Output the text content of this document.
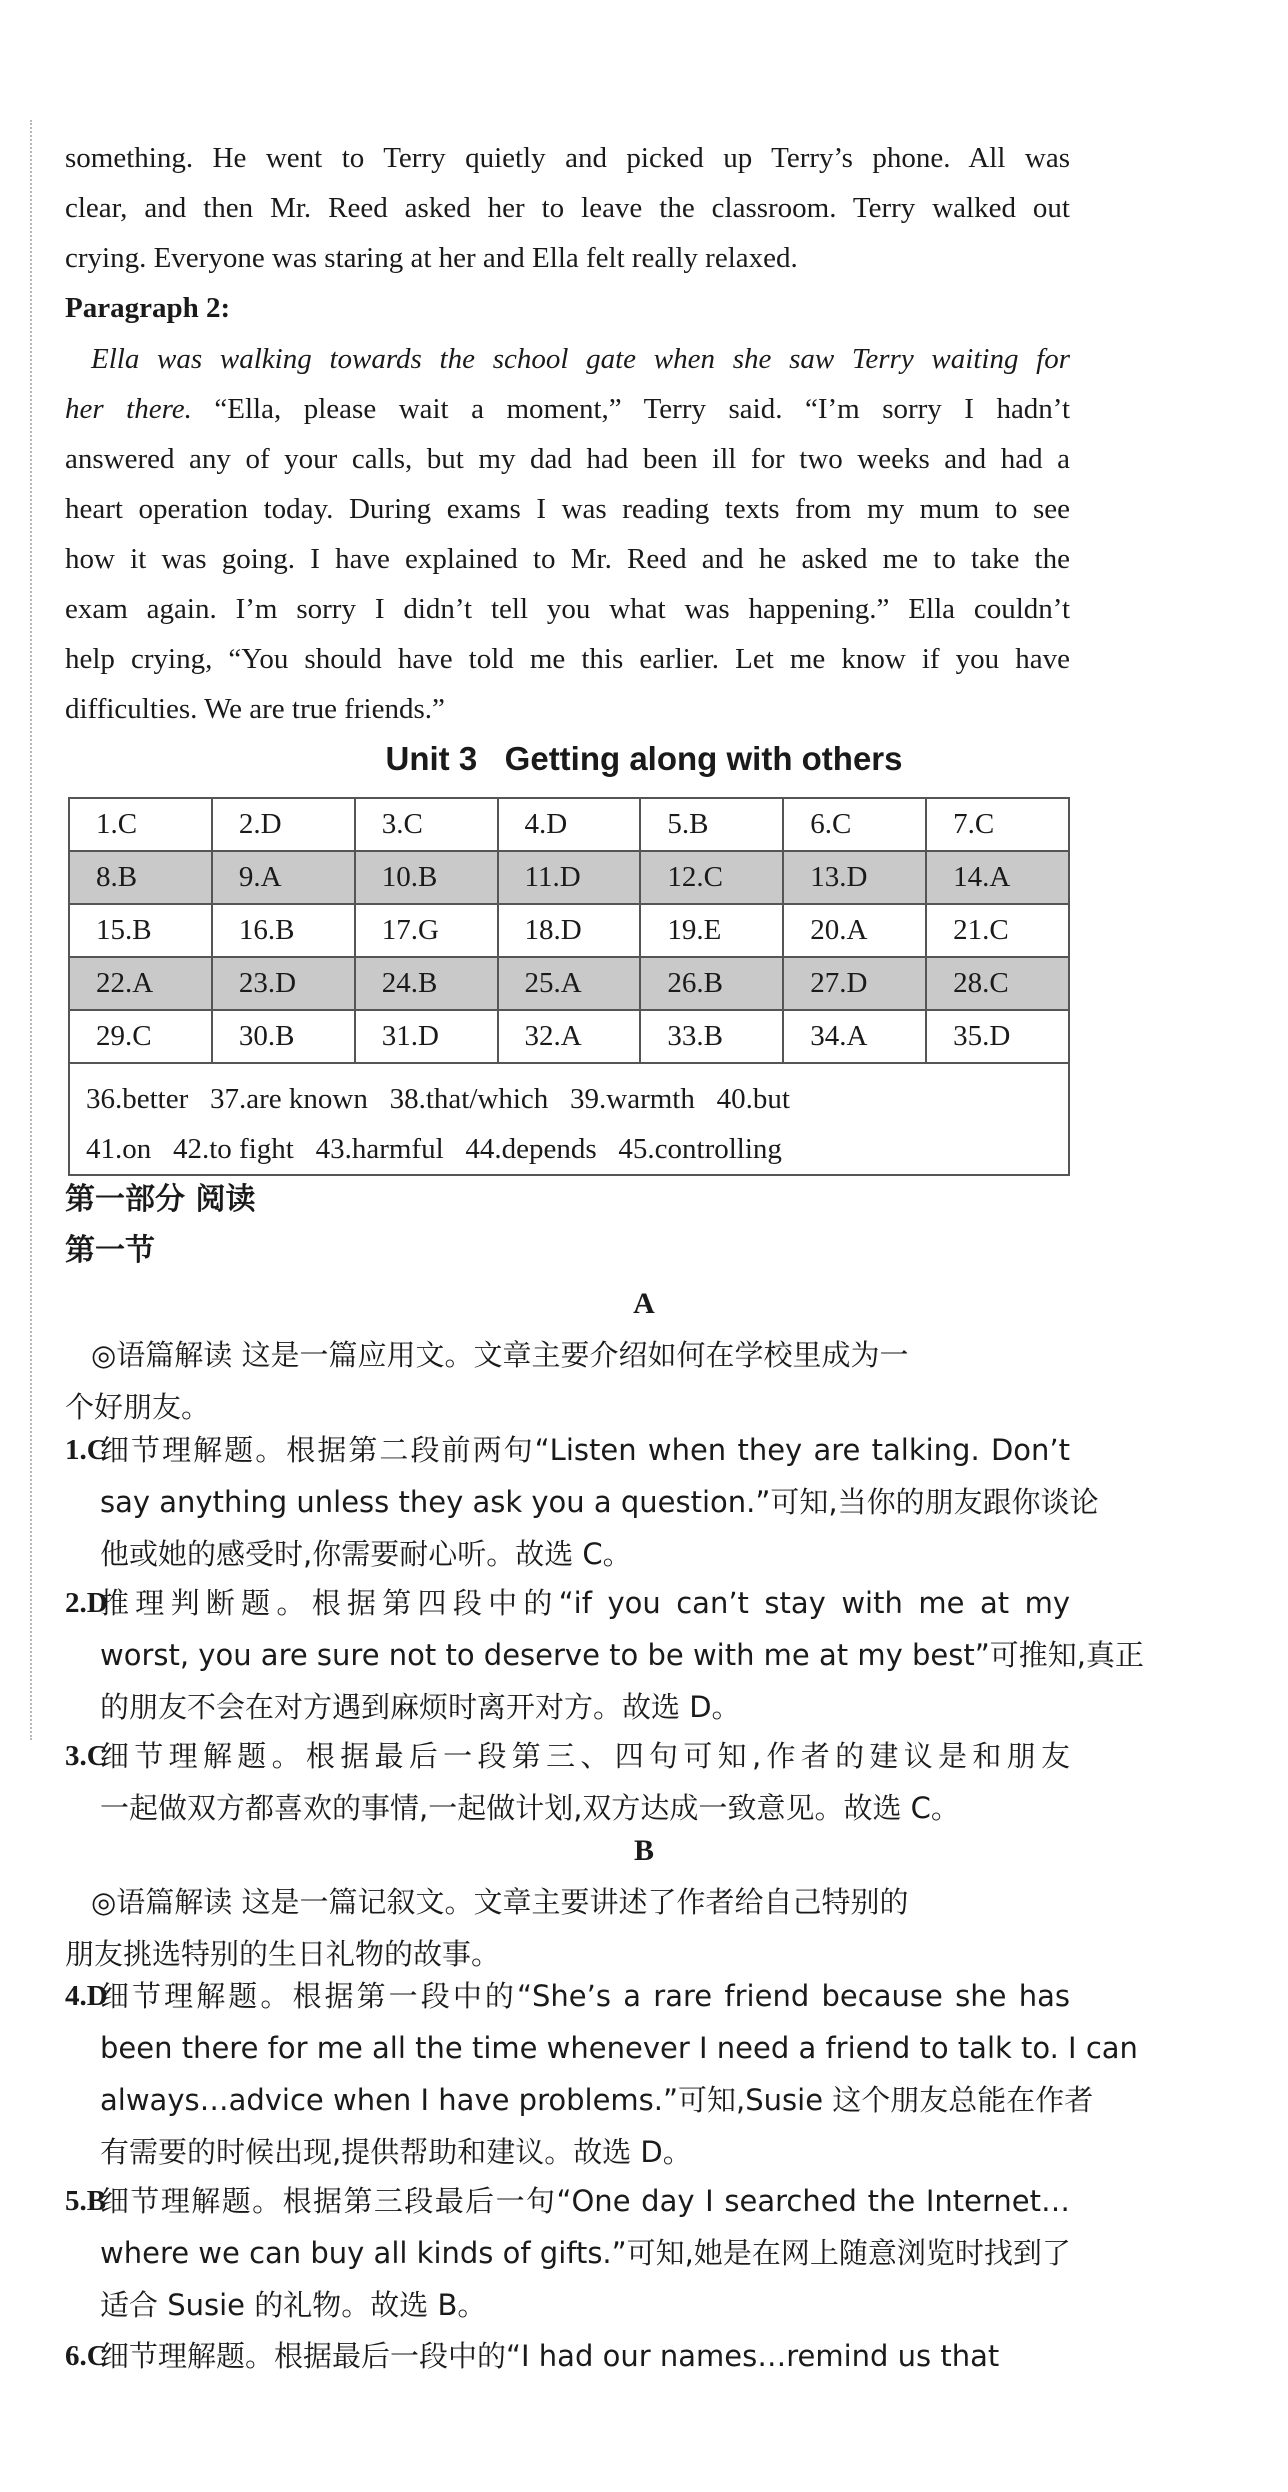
something. He went to Terry quietly and picked up Terry’s phone. All was
clear, and then Mr. Reed asked her to leave the classroom. Terry walked out
crying. Everyone was staring at her and Ella felt really relaxed.
Paragraph 2:
Ella was walking towards the school gate when she saw Terry waiting for
her there. “Ella, please wait a moment,” Terry said. “I’m sorry I hadn’t
answered any of your calls, but my dad had been ill for two weeks and had a
heart operation today. During exams I was reading texts from my mum to see
how it was going. I have explained to Mr. Reed and he asked me to take the
exam again. I’m sorry I didn’t tell you what was happening.” Ella couldn’t
help crying, “You should have told me this earlier. Let me know if you have
difficulties. We are true friends.”
Unit 3   Getting along with others
1.C	2.D	3.C	4.D	5.B	6.C	7.C
8.B	9.A	10.B	11.D	12.C	13.D	14.A
15.B	16.B	17.G	18.D	19.E	20.A	21.C
22.A	23.D	24.B	25.A	26.B	27.D	28.C
29.C	30.B	31.D	32.A	33.B	34.A	35.D

36.better   37.are known   38.that/which   39.warmth   40.but
41.on   42.to fight   43.harmful   44.depends   45.controlling						
第一部分 阅读
第一节
A
◎语篇解读 这是一篇应用文。文章主要介绍如何在学校里成为一
个好朋友。
1.C
细节理解题。根据第二段前两句“Listen when they are talking. Don’t
say anything unless they ask you a question.”可知,当你的朋友跟你谈论
他或她的感受时,你需要耐心听。故选 C。
2.D
推理判断题。根据第四段中的“if you can’t stay with me at my
worst, you are sure not to deserve to be with me at my best”可推知,真正
的朋友不会在对方遇到麻烦时离开对方。故选 D。
3.C
细节理解题。根据最后一段第三、四句可知,作者的建议是和朋友
一起做双方都喜欢的事情,一起做计划,双方达成一致意见。故选 C。
B
◎语篇解读 这是一篇记叙文。文章主要讲述了作者给自己特别的
朋友挑选特别的生日礼物的故事。
4.D
细节理解题。根据第一段中的“She’s a rare friend because she has
been there for me all the time whenever I need a friend to talk to. I can
always…advice when I have problems.”可知,Susie 这个朋友总能在作者
有需要的时候出现,提供帮助和建议。故选 D。
5.B
细节理解题。根据第三段最后一句“One day I searched the Internet…
where we can buy all kinds of gifts.”可知,她是在网上随意浏览时找到了
适合 Susie 的礼物。故选 B。
6.C
细节理解题。根据最后一段中的“I had our names…remind us that
